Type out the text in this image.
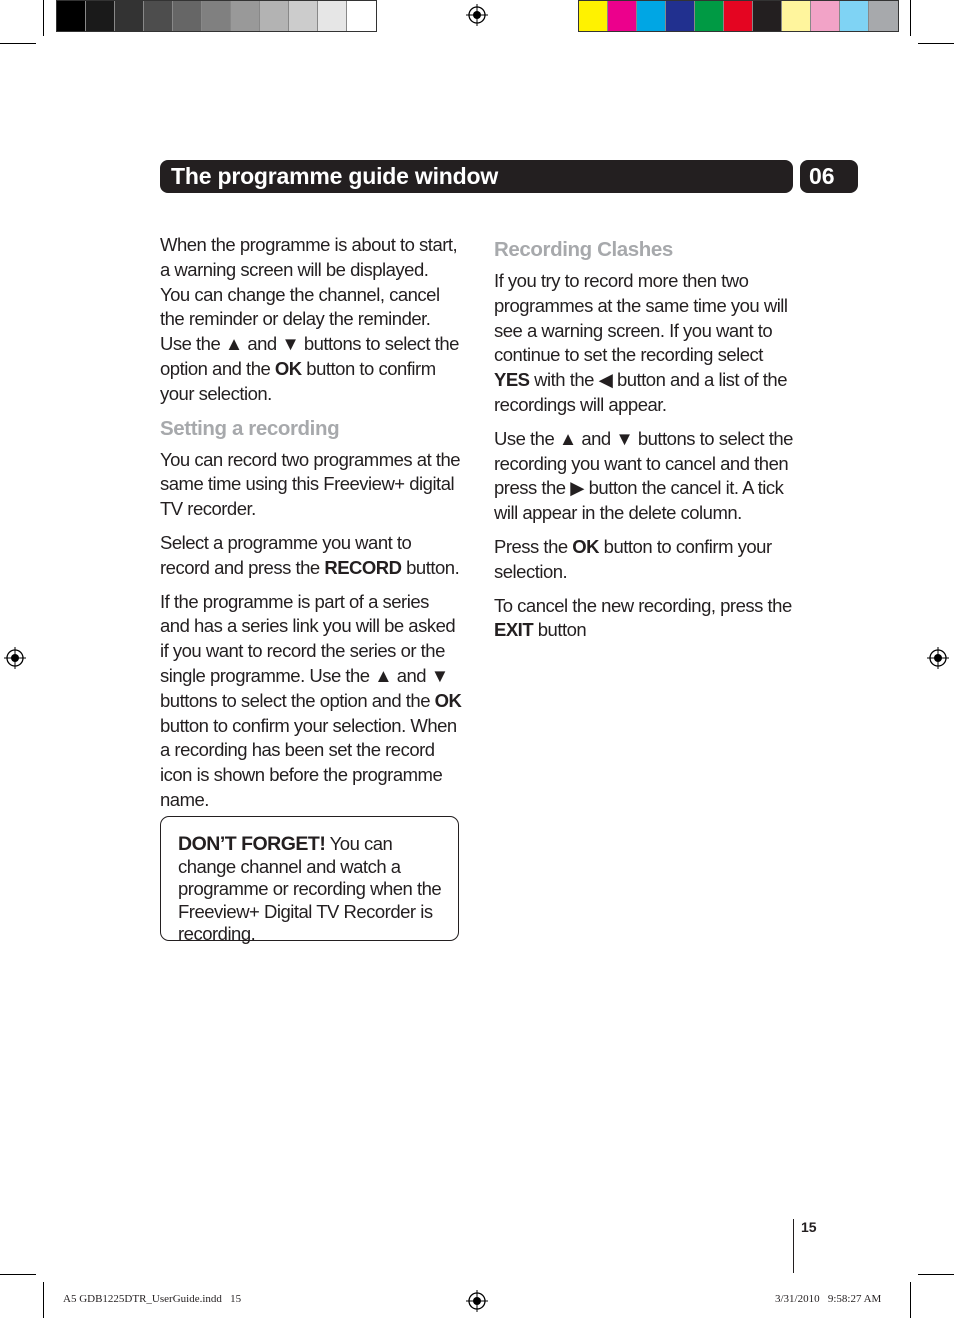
The programme guide window	06

When the programme is about to start, a warning screen will be displayed. You can change the channel, cancel the reminder or delay the reminder. Use the ▲ and ▼ buttons to select the option and the OK button to confirm your selection.

Setting a recording

You can record two programmes at the same time using this Freeview+ digital TV recorder.

Select a programme you want to record and press the RECORD button.

If the programme is part of a series and has a series link you will be asked if you want to record the series or the single programme. Use the ▲ and ▼ buttons to select the option and the OK button to confirm your selection. When a recording has been set the record icon is shown before the programme name.

DON’T FORGET! You can change channel and watch a programme or recording when the Freeview+ Digital TV Recorder is recording.
Recording Clashes

If you try to record more then two programmes at the same time you will see a warning screen. If you want to continue to set the recording select YES with the ◀ button and a list of the recordings will appear.

Use the ▲ and ▼ buttons to select the recording you want to cancel and then press the ▶ button the cancel it. A tick will appear in the delete column.

Press the OK button to confirm your selection.

To cancel the new recording, press the EXIT button

15
A5 GDB1225DTR_UserGuide.indd   15	3/31/2010   9:58:27 AM
